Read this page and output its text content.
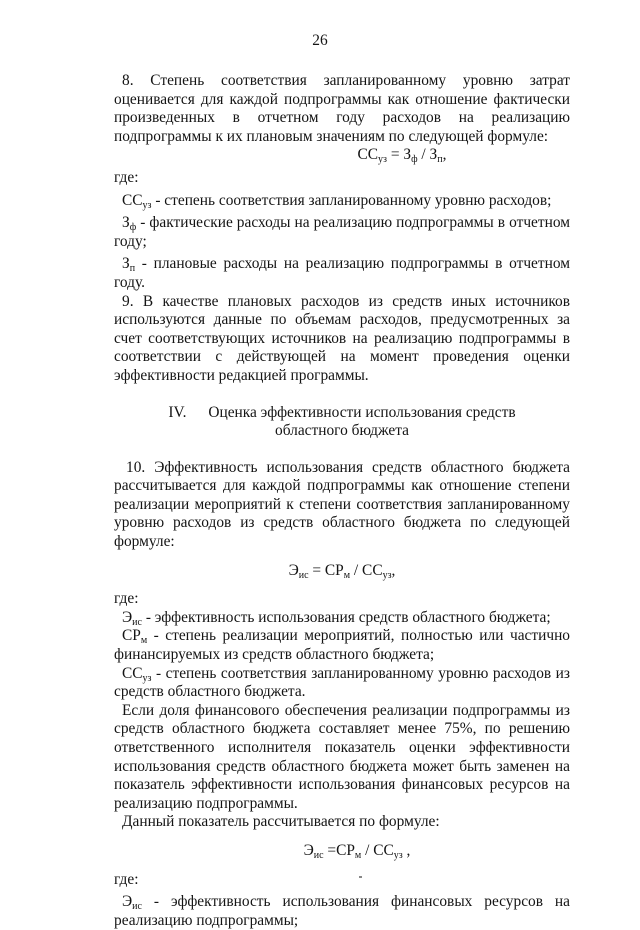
26

8. Степень соответствия запланированному уровню затрат оценивается для каждой подпрограммы как отношение фактически произведенных в отчетном году расходов на реализацию подпрограммы к их плановым значениям по следующей формуле:

$СС_{уз} = З_ф / З_п$,

где:

$СС_{уз}$ - степень соответствия запланированному уровню расходов;

$З_ф$ - фактические расходы на реализацию подпрограммы в отчетном году;

$З_п$ - плановые расходы на реализацию подпрограммы в отчетном году.

9. В качестве плановых расходов из средств иных источников используются данные по объемам расходов, предусмотренных за счет соответствующих источников на реализацию подпрограммы в соответствии с действующей на момент проведения оценки эффективности редакцией программы.

IV. Оценка эффективности использования средств
областного бюджета

10. Эффективность использования средств областного бюджета рассчитывается для каждой подпрограммы как отношение степени реализации мероприятий к степени соответствия запланированному уровню расходов из средств областного бюджета по следующей формуле:

$Э_{ис} = СР_м / СС_{уз}$,

где:

$Э_{ис}$ - эффективность использования средств областного бюджета;

$СР_м$ - степень реализации мероприятий, полностью или частично финансируемых из средств областного бюджета;

$СС_{уз}$ - степень соответствия запланированному уровню расходов из средств областного бюджета.

Если доля финансового обеспечения реализации подпрограммы из средств областного бюджета составляет менее 75%, по решению ответственного исполнителя показатель оценки эффективности использования средств областного бюджета может быть заменен на показатель эффективности использования финансовых ресурсов на реализацию подпрограммы.

Данный показатель рассчитывается по формуле:

$Э_{ис} =СР_м / СС_{уз}$ ,

где:

$Э_{ис}$ - эффективность использования финансовых ресурсов на реализацию подпрограммы;
